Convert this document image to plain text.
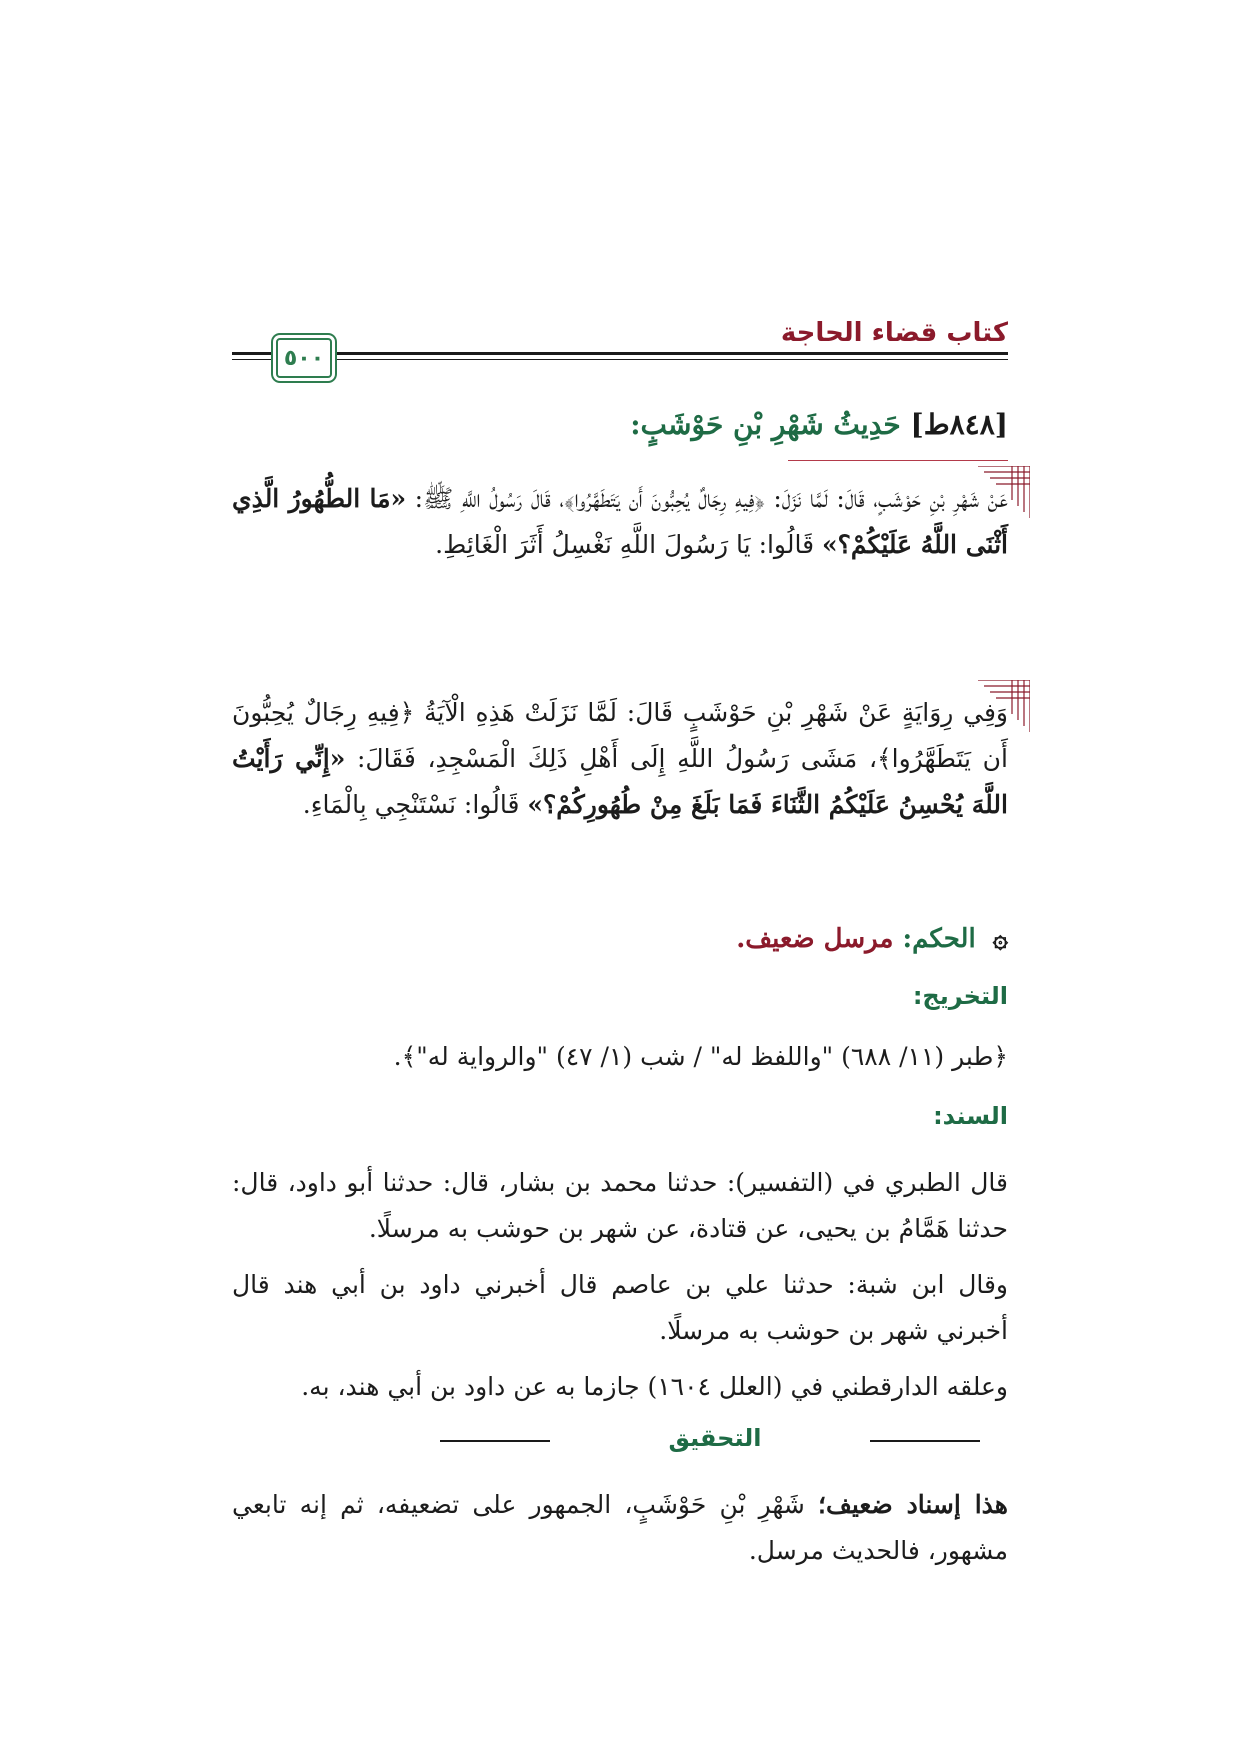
كتاب قضاء الحاجة
٥٠٠
[٨٤٨ط] حَدِيثُ شَهْرِ بْنِ حَوْشَبٍ:

عَنْ شَهْرِ بْنِ حَوْشَبٍ، قَالَ: لَمَّا نَزَلَ: ﴿فِيهِ رِجَالٌ يُحِبُّونَ أَن يَتَطَهَّرُوا﴾، قَالَ رَسُولُ اللَّهِ ﷺ: «مَا الطُّهُورُ الَّذِي أَثْنَى اللَّهُ عَلَيْكُمْ؟» قَالُوا: يَا رَسُولَ اللَّهِ نَغْسِلُ أَثَرَ الْغَائِطِ.

وَفِي رِوَايَةٍ عَنْ شَهْرِ بْنِ حَوْشَبٍ قَالَ: لَمَّا نَزَلَتْ هَذِهِ الْآيَةُ ﴿فِيهِ رِجَالٌ يُحِبُّونَ أَن يَتَطَهَّرُوا﴾، مَشَى رَسُولُ اللَّهِ إِلَى أَهْلِ ذَلِكَ الْمَسْجِدِ، فَقَالَ: «إِنِّي رَأَيْتُ اللَّهَ يُحْسِنُ عَلَيْكُمُ الثَّنَاءَ فَمَا بَلَغَ مِنْ طُهُورِكُمْ؟» قَالُوا: نَسْتَنْجِي بِالْمَاءِ.

۞ الحكم: مرسل ضعيف.
التخريج:
﴿طبر (١١/ ٦٨٨) "واللفظ له" / شب (١/ ٤٧) "والرواية له"﴾.
السند:
قال الطبري في (التفسير): حدثنا محمد بن بشار، قال: حدثنا أبو داود، قال: حدثنا هَمَّامُ بن يحيى، عن قتادة، عن شهر بن حوشب به مرسلًا.
وقال ابن شبة: حدثنا علي بن عاصم قال أخبرني داود بن أبي هند قال أخبرني شهر بن حوشب به مرسلًا.
وعلقه الدارقطني في (العلل ١٦٠٤) جازما به عن داود بن أبي هند، به.
التحقيق
هذا إسناد ضعيف؛ شَهْرِ بْنِ حَوْشَبٍ، الجمهور على تضعيفه، ثم إنه تابعي مشهور، فالحديث مرسل.
